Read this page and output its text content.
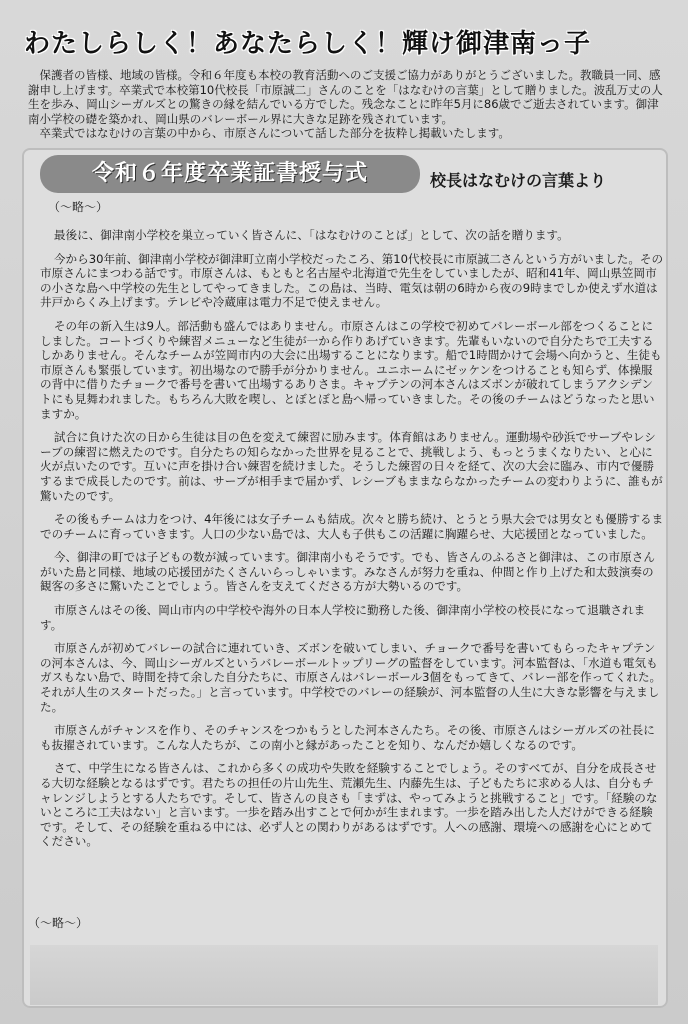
わたしらしく！あなたらしく！輝け御津南っ子

保護者の皆様、地域の皆様。令和６年度も本校の教育活動へのご支援ご協力がありがとうございました。教職員一同、感謝申し上げます。卒業式で本校第10代校長「市原誠二」さんのことを「はなむけの言葉」として贈りました。波乱万丈の人生を歩み、岡山シーガルズとの驚きの縁を結んでいる方でした。残念なことに昨年5月に86歳でご逝去されています。御津南小学校の礎を築かれ、岡山県のバレーボール界に大きな足跡を残されています。

卒業式ではなむけの言葉の中から、市原さんについて話した部分を抜粋し掲載いたします。

令和６年度卒業証書授与式	校長はなむけの言葉より
（〜略〜）

最後に、御津南小学校を巣立っていく皆さんに、「はなむけのことば」として、次の話を贈ります。

今から30年前、御津南小学校が御津町立南小学校だったころ、第10代校長に市原誠二さんという方がいました。その市原さんにまつわる話です。市原さんは、もともと名古屋や北海道で先生をしていましたが、昭和41年、岡山県笠岡市の小さな島へ中学校の先生としてやってきました。この島は、当時、電気は朝の6時から夜の9時までしか使えず水道は井戸からくみ上げます。テレビや冷蔵庫は電力不足で使えません。

その年の新入生は9人。部活動も盛んではありません。市原さんはこの学校で初めてバレーボール部をつくることにしました。コートづくりや練習メニューなど生徒が一から作りあげていきます。先輩もいないので自分たちで工夫するしかありません。そんなチームが笠岡市内の大会に出場することになります。船で1時間かけて会場へ向かうと、生徒も市原さんも緊張しています。初出場なので勝手が分かりません。ユニホームにゼッケンをつけることも知らず、体操服の背中に借りたチョークで番号を書いて出場するありさま。キャプテンの河本さんはズボンが破れてしまうアクシデントにも見舞われました。もちろん大敗を喫し、とぼとぼと島へ帰っていきました。その後のチームはどうなったと思いますか。

試合に負けた次の日から生徒は目の色を変えて練習に励みます。体育館はありません。運動場や砂浜でサーブやレシーブの練習に燃えたのです。自分たちの知らなかった世界を見ることで、挑戦しよう、もっとうまくなりたい、と心に火が点いたのです。互いに声を掛け合い練習を続けました。そうした練習の日々を経て、次の大会に臨み、市内で優勝するまで成長したのです。前は、サーブが相手まで届かず、レシーブもままならなかったチームの変わりように、誰もが驚いたのです。

その後もチームは力をつけ、4年後には女子チームも結成。次々と勝ち続け、とうとう県大会では男女とも優勝するまでのチームに育っていきます。人口の少ない島では、大人も子供もこの活躍に胸躍らせ、大応援団となっていました。

今、御津の町では子どもの数が減っています。御津南小もそうです。でも、皆さんのふるさと御津は、この市原さんがいた島と同様、地域の応援団がたくさんいらっしゃいます。みなさんが努力を重ね、仲間と作り上げた和太鼓演奏の観客の多さに驚いたことでしょう。皆さんを支えてくださる方が大勢いるのです。

市原さんはその後、岡山市内の中学校や海外の日本人学校に勤務した後、御津南小学校の校長になって退職されます。

市原さんが初めてバレーの試合に連れていき、ズボンを破いてしまい、チョークで番号を書いてもらったキャプテンの河本さんは、今、岡山シーガルズというバレーボールトップリーグの監督をしています。河本監督は、「水道も電気もガスもない島で、時間を持て余した自分たちに、市原さんはバレーボール3個をもってきて、バレー部を作ってくれた。それが人生のスタートだった。」と言っています。中学校でのバレーの経験が、河本監督の人生に大きな影響を与えました。

市原さんがチャンスを作り、そのチャンスをつかもうとした河本さんたち。その後、市原さんはシーガルズの社長にも抜擢されています。こんな人たちが、この南小と縁があったことを知り、なんだか嬉しくなるのです。

さて、中学生になる皆さんは、これから多くの成功や失敗を経験することでしょう。そのすべてが、自分を成長させる大切な経験となるはずです。君たちの担任の片山先生、荒瀬先生、内藤先生は、子どもたちに求める人は、自分もチャレンジしようとする人たちです。そして、皆さんの良さも「まずは、やってみようと挑戦すること」です。「経験のないところに工夫はない」と言います。一歩を踏み出すことで何かが生まれます。一歩を踏み出した人だけができる経験です。そして、その経験を重ねる中には、必ず人との関わりがあるはずです。人への感謝、環境への感謝を心にとめてください。

（〜略〜）
